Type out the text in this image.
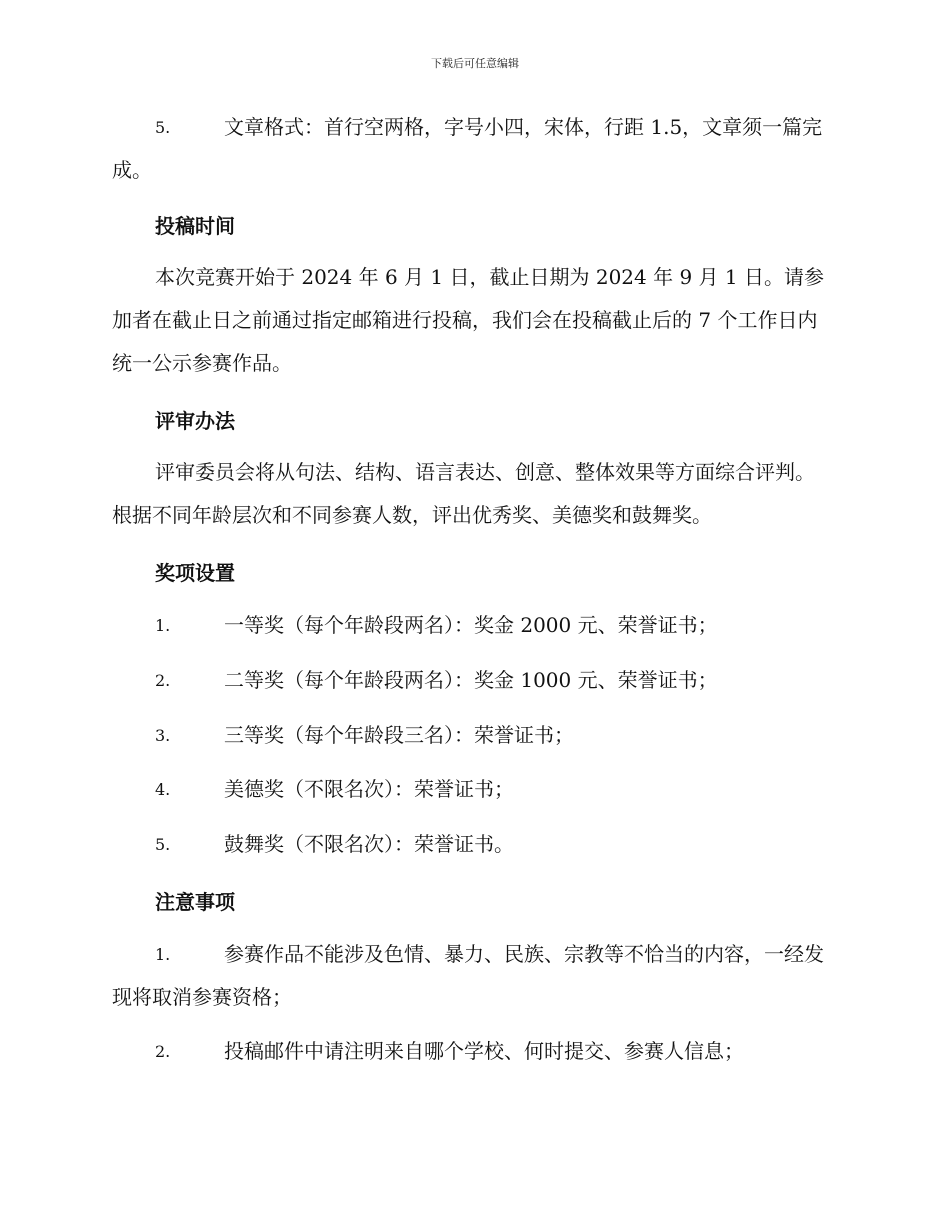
下载后可任意编辑
5.	文章格式：首行空两格，字号小四，宋体，行距 1.5，文章须一篇完成。
投稿时间

本次竞赛开始于 2024 年 6 月 1 日，截止日期为 2024 年 9 月 1 日。请参加者在截止日之前通过指定邮箱进行投稿，我们会在投稿截止后的 7 个工作日内统一公示参赛作品。

评审办法

评审委员会将从句法、结构、语言表达、创意、整体效果等方面综合评判。根据不同年龄层次和不同参赛人数，评出优秀奖、美德奖和鼓舞奖。

奖项设置
1.	一等奖（每个年龄段两名）：奖金 2000 元、荣誉证书；
2.	二等奖（每个年龄段两名）：奖金 1000 元、荣誉证书；
3.	三等奖（每个年龄段三名）：荣誉证书；
4.	美德奖（不限名次）：荣誉证书；
5.	鼓舞奖（不限名次）：荣誉证书。
注意事项
1.	参赛作品不能涉及色情、暴力、民族、宗教等不恰当的内容，一经发现将取消参赛资格；
2.	投稿邮件中请注明来自哪个学校、何时提交、参赛人信息；
